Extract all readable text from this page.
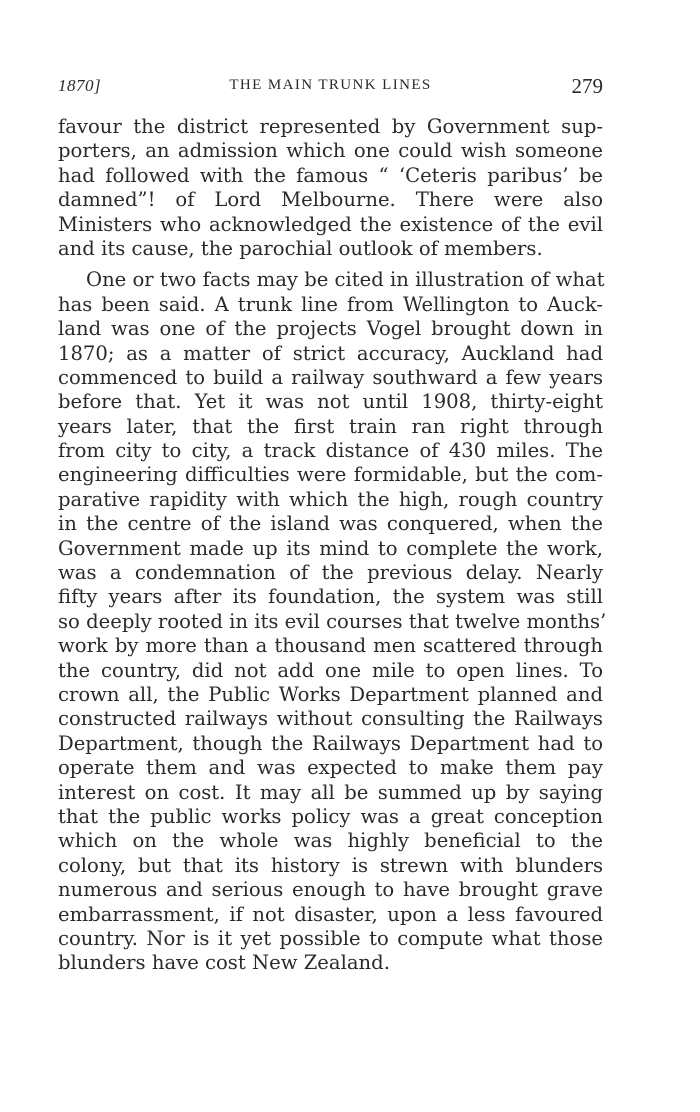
1870]	THE MAIN TRUNK LINES	279
favour the district represented by Government sup-
porters, an admission which one could wish someone
had followed with the famous “ ‘Ceteris paribus’ be
damned”! of Lord Melbourne. There were also
Ministers who acknowledged the existence of the evil
and its cause, the parochial outlook of members.
One or two facts may be cited in illustration of what
has been said. A trunk line from Wellington to Auck-
land was one of the projects Vogel brought down in
1870; as a matter of strict accuracy, Auckland had
commenced to build a railway southward a few years
before that. Yet it was not until 1908, thirty-eight
years later, that the first train ran right through
from city to city, a track distance of 430 miles. The
engineering difficulties were formidable, but the com-
parative rapidity with which the high, rough country
in the centre of the island was conquered, when the
Government made up its mind to complete the work,
was a condemnation of the previous delay. Nearly
fifty years after its foundation, the system was still
so deeply rooted in its evil courses that twelve months’
work by more than a thousand men scattered through
the country, did not add one mile to open lines. To
crown all, the Public Works Department planned and
constructed railways without consulting the Railways
Department, though the Railways Department had to
operate them and was expected to make them pay
interest on cost. It may all be summed up by saying
that the public works policy was a great conception
which on the whole was highly beneficial to the
colony, but that its history is strewn with blunders
numerous and serious enough to have brought grave
embarrassment, if not disaster, upon a less favoured
country. Nor is it yet possible to compute what those
blunders have cost New Zealand.
